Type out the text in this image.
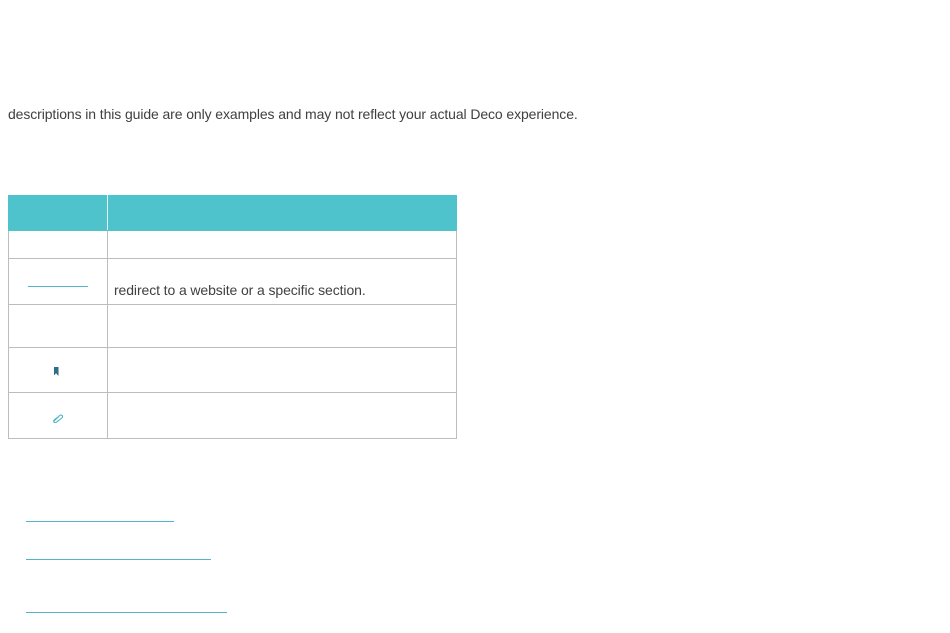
descriptions in this guide are only examples and may not reflect your actual Deco experience.

	redirect to a website or a specific section.
